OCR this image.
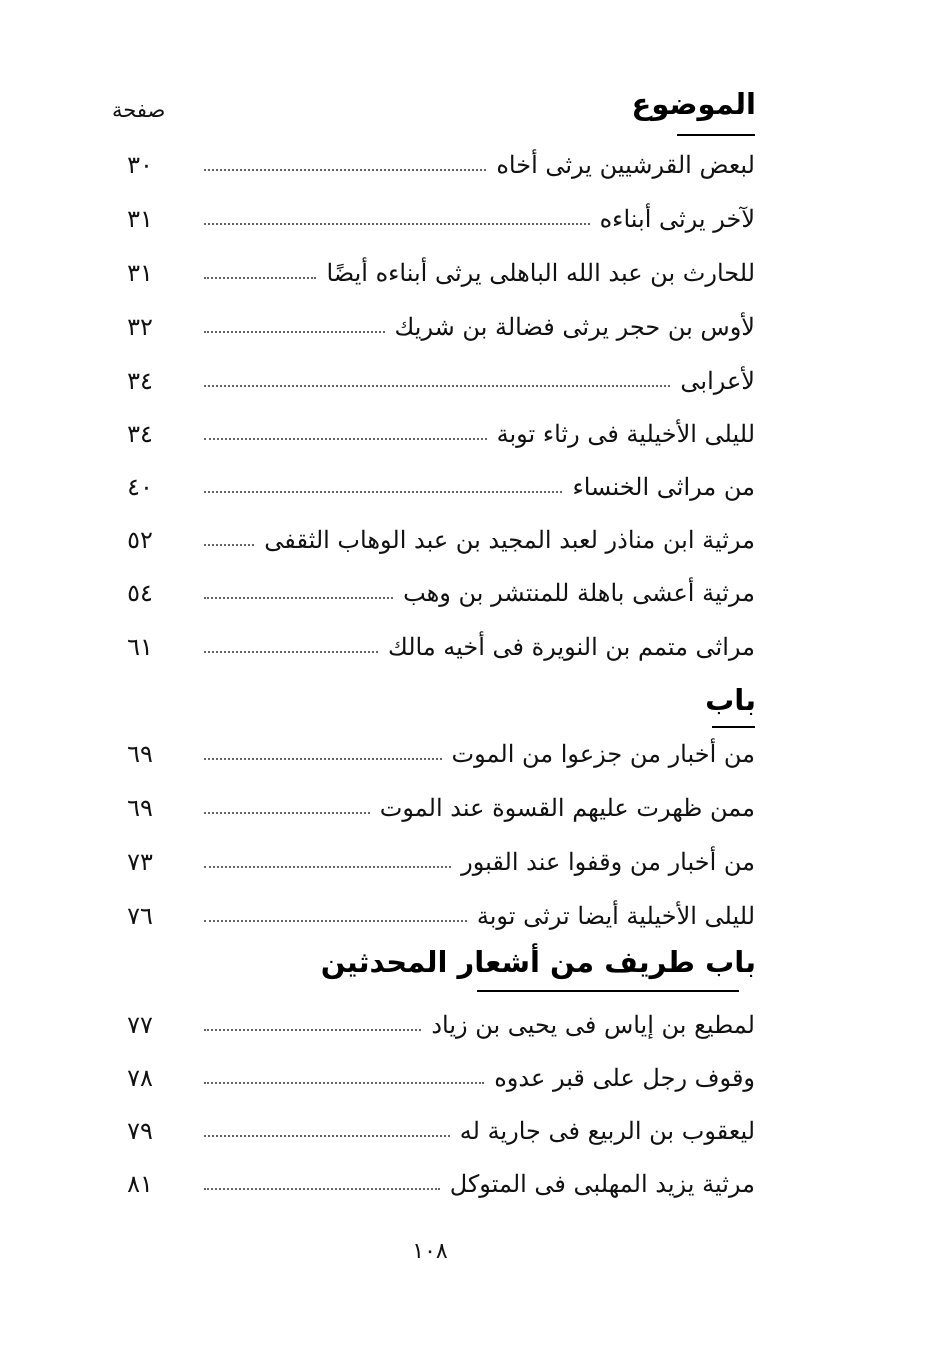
الموضوع
صفحة
لبعض القرشيين يرثى أخاه
٣٠
لآخر يرثى أبناءه
٣١
للحارث بن عبد الله الباهلى يرثى أبناءه أيضًا
٣١
لأوس بن حجر يرثى فضالة بن شريك
٣٢
لأعرابى
٣٤
لليلى الأخيلية فى رثاء توبة
٣٤
من مراثى الخنساء
٤٠
مرثية ابن مناذر لعبد المجيد بن عبد الوهاب الثقفى
٥٢
مرثية أعشى باهلة للمنتشر بن وهب
٥٤
مراثى متمم بن النويرة فى أخيه مالك
٦١
باب
من أخبار من جزعوا من الموت
٦٩
ممن ظهرت عليهم القسوة عند الموت
٦٩
من أخبار من وقفوا عند القبور
٧٣
لليلى الأخيلية أيضا ترثى توبة
٧٦
باب طريف من أشعار المحدثين
لمطيع بن إياس فى يحيى بن زياد
٧٧
وقوف رجل على قبر عدوه
٧٨
ليعقوب بن الربيع فى جارية له
٧٩
مرثية يزيد المهلبى فى المتوكل
٨١
١٠٨
